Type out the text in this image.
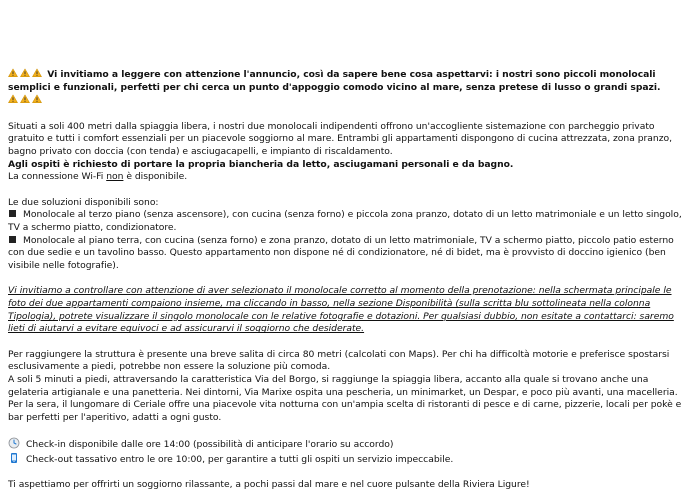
Vi invitiamo a leggere con attenzione l'annuncio, così da sapere bene cosa aspettarvi: i nostri sono piccoli monolocali semplici e funzionali, perfetti per chi cerca un punto d'appoggio comodo vicino al mare, senza pretese di lusso o grandi spazi.

Situati a soli 400 metri dalla spiaggia libera, i nostri due monolocali indipendenti offrono un'accogliente sistemazione con parcheggio privato gratuito e tutti i comfort essenziali per un piacevole soggiorno al mare. Entrambi gli appartamenti dispongono di cucina attrezzata, zona pranzo, bagno privato con doccia (con tenda) e asciugacapelli, e impianto di riscaldamento.

Agli ospiti è richiesto di portare la propria biancheria da letto, asciugamani personali e da bagno.

La connessione Wi-Fi non è disponibile.

Le due soluzioni disponibili sono:

Monolocale al terzo piano (senza ascensore), con cucina (senza forno) e piccola zona pranzo, dotato di un letto matrimoniale e un letto singolo, TV a schermo piatto, condizionatore.

Monolocale al piano terra, con cucina (senza forno) e zona pranzo, dotato di un letto matrimoniale, TV a schermo piatto, piccolo patio esterno con due sedie e un tavolino basso. Questo appartamento non dispone né di condizionatore, né di bidet, ma è provvisto di doccino igienico (ben visibile nelle fotografie).

Vi invitiamo a controllare con attenzione di aver selezionato il monolocale corretto al momento della prenotazione: nella schermata principale le foto dei due appartamenti compaiono insieme, ma cliccando in basso, nella sezione Disponibilità (sulla scritta blu sottolineata nella colonna Tipologia), potrete visualizzare il singolo monolocale con le relative fotografie e dotazioni. Per qualsiasi dubbio, non esitate a contattarci: saremo lieti di aiutarvi a evitare equivoci e ad assicurarvi il soggiorno che desiderate.

Per raggiungere la struttura è presente una breve salita di circa 80 metri (calcolati con Maps). Per chi ha difficoltà motorie e preferisce spostarsi esclusivamente a piedi, potrebbe non essere la soluzione più comoda.

A soli 5 minuti a piedi, attraversando la caratteristica Via del Borgo, si raggiunge la spiaggia libera, accanto alla quale si trovano anche una gelateria artigianale e una panetteria. Nei dintorni, Via Marixe ospita una pescheria, un minimarket, un Despar, e poco più avanti, una macelleria. Per la sera, il lungomare di Ceriale offre una piacevole vita notturna con un'ampia scelta di ristoranti di pesce e di carne, pizzerie, locali per pokè e bar perfetti per l'aperitivo, adatti a ogni gusto.

Check-in disponibile dalle ore 14:00 (possibilità di anticipare l'orario su accordo)

Check-out tassativo entro le ore 10:00, per garantire a tutti gli ospiti un servizio impeccabile.

Ti aspettiamo per offrirti un soggiorno rilassante, a pochi passi dal mare e nel cuore pulsante della Riviera Ligure!
